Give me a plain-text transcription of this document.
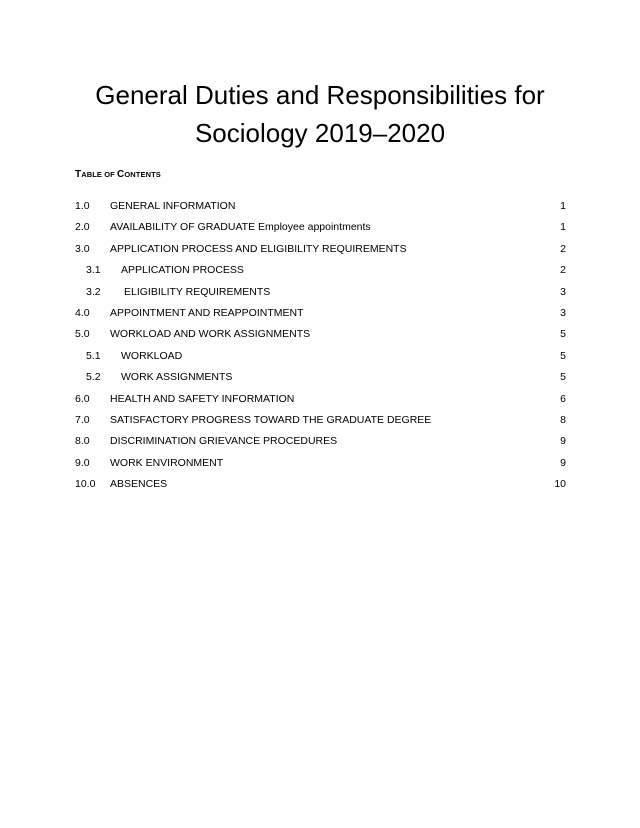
General Duties and Responsibilities for
Sociology 2019–2020
TABLE OF CONTENTS
1.0 GENERAL INFORMATION	1
2.0 AVAILABILITY OF GRADUATE Employee appointments	1
3.0 APPLICATION PROCESS AND ELIGIBILITY REQUIREMENTS	2
3.1 APPLICATION PROCESS	2
3.2 ELIGIBILITY REQUIREMENTS	3
4.0 APPOINTMENT AND REAPPOINTMENT	3
5.0 WORKLOAD AND WORK ASSIGNMENTS	5
5.1 WORKLOAD	5
5.2 WORK ASSIGNMENTS	5
6.0 HEALTH AND SAFETY INFORMATION	6
7.0 SATISFACTORY PROGRESS TOWARD THE GRADUATE DEGREE	8
8.0 DISCRIMINATION GRIEVANCE PROCEDURES	9
9.0 WORK ENVIRONMENT	9
10.0 ABSENCES	10
